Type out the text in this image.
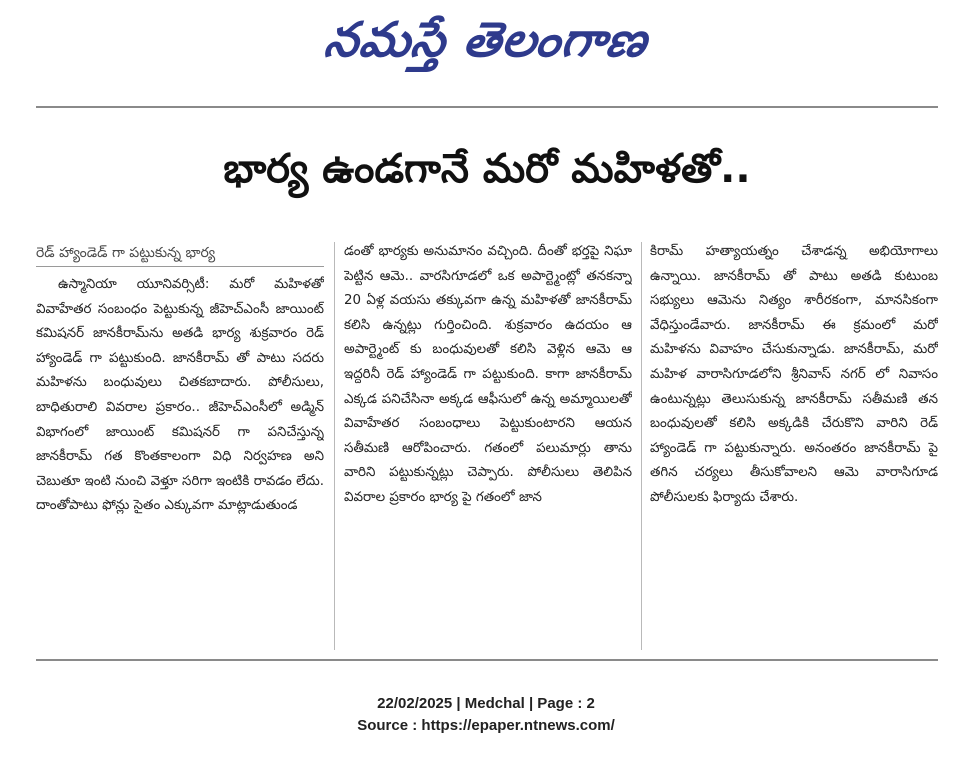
నమస్తే తెలంగాణ
భార్య ఉండగానే మరో మహిళతో..
రెడ్ హ్యాండెడ్ గా పట్టుకున్న భార్య
ఉస్మానియా యూనివర్సిటీ: మరో మహిళతో వివాహేతర సంబంధం పెట్టుకున్న జీహెచ్ఎంసీ జాయింట్ కమిషనర్ జానకీరామ్‌ను అతడి భార్య శుక్రవారం రెడ్ హ్యాండెడ్ గా పట్టుకుంది. జానకీరామ్ తో పాటు సదరు మహిళను బంధువులు చితకబాదారు. పోలీసులు, బాధితురాలి వివరాల ప్రకారం.. జీహెచ్ఎంసీలో అడ్మిన్ విభాగంలో జాయింట్ కమిషనర్ గా పనిచేస్తున్న జానకీరామ్ గత కొంతకాలంగా విధి నిర్వహణ అని చెబుతూ ఇంటి నుంచి వెళ్తూ సరిగా ఇంటికి రావడం లేదు. దాంతోపాటు ఫోన్లు సైతం ఎక్కువగా మాట్లాడుతుండ
డంతో భార్యకు అనుమానం వచ్చింది. దీంతో భర్తపై నిఘా పెట్టిన ఆమె.. వారసిగూడలో ఒక అపార్ట్మెంట్లో తనకన్నా 20 ఏళ్ల వయసు తక్కువగా ఉన్న మహిళతో జానకీరామ్ కలిసి ఉన్నట్లు గుర్తించింది. శుక్రవారం ఉదయం ఆ అపార్ట్మెంట్ కు బంధువులతో కలిసి వెళ్లిన ఆమె ఆ ఇద్దరినీ రెడ్ హ్యాండెడ్ గా పట్టుకుంది. కాగా జానకీరామ్ ఎక్కడ పనిచేసినా అక్కడ ఆఫీసులో ఉన్న అమ్మాయిలతో వివాహేతర సంబంధాలు పెట్టుకుంటారని ఆయన సతీమణి ఆరోపించారు. గతంలో పలుమార్లు తాను వారిని పట్టుకున్నట్లు చెప్పారు. పోలీసులు తెలిపిన వివరాల ప్రకారం భార్య పై గతంలో జాన
కిరామ్ హత్యాయత్నం చేశాడన్న అభియోగాలు ఉన్నాయి. జానకీరామ్ తో పాటు అతడి కుటుంబ సభ్యులు ఆమెను నిత్యం శారీరకంగా, మానసికంగా వేధిస్తుండేవారు. జానకీరామ్ ఈ క్రమంలో మరో మహిళను వివాహం చేసుకున్నాడు. జానకీరామ్, మరో మహిళ వారాసిగూడలోని శ్రీనివాస్ నగర్ లో నివాసం ఉంటున్నట్లు తెలుసుకున్న జానకీరామ్ సతీమణి తన బంధువులతో కలిసి అక్కడికి చేరుకొని వారిని రెడ్ హ్యాండెడ్ గా పట్టుకున్నారు. అనంతరం జానకీరామ్ పై తగిన చర్యలు తీసుకోవాలని ఆమె వారాసిగూడ పోలీసులకు ఫిర్యాదు చేశారు.
22/02/2025 | Medchal | Page : 2
Source : https://epaper.ntnews.com/
